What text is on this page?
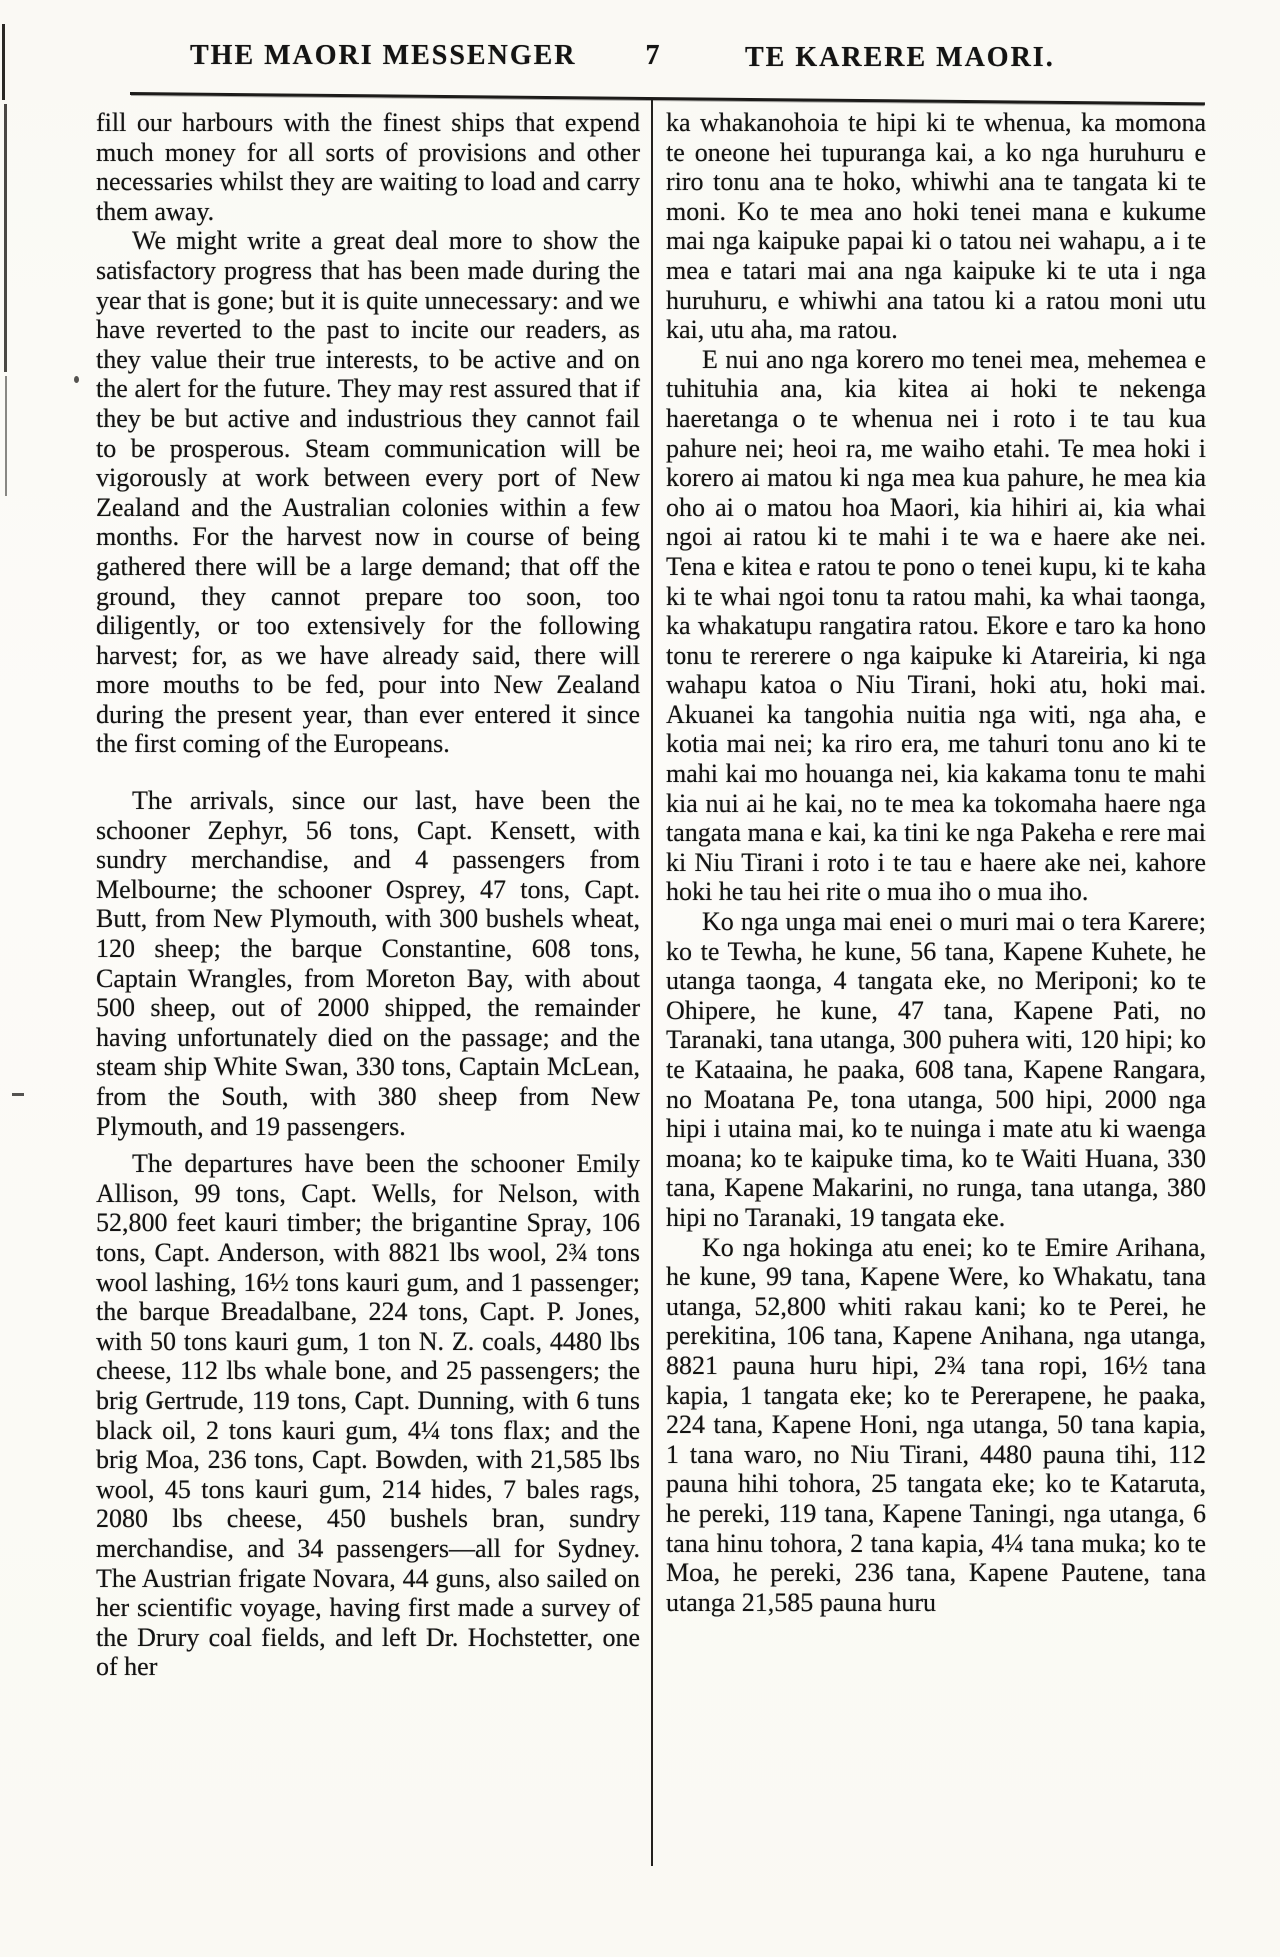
THE MAORI MESSENGER	7	TE KARERE MAORI.

fill our harbours with the finest ships that expend much money for all sorts of provisions and other necessaries whilst they are waiting to load and carry them away.

We might write a great deal more to show the satisfactory progress that has been made during the year that is gone; but it is quite unnecessary: and we have reverted to the past to incite our readers, as they value their true interests, to be active and on the alert for the future. They may rest assured that if they be but active and industrious they cannot fail to be prosperous. Steam communication will be vigorously at work between every port of New Zealand and the Australian colonies within a few months. For the harvest now in course of being gathered there will be a large demand; that off the ground, they cannot prepare too soon, too diligently, or too extensively for the following harvest; for, as we have already said, there will more mouths to be fed, pour into New Zealand during the present year, than ever entered it since the first coming of the Europeans.

The arrivals, since our last, have been the schooner Zephyr, 56 tons, Capt. Kensett, with sundry merchandise, and 4 passengers from Melbourne; the schooner Osprey, 47 tons, Capt. Butt, from New Plymouth, with 300 bushels wheat, 120 sheep; the barque Constantine, 608 tons, Captain Wrangles, from Moreton Bay, with about 500 sheep, out of 2000 shipped, the remainder having unfortunately died on the passage; and the steam ship White Swan, 330 tons, Captain McLean, from the South, with 380 sheep from New Plymouth, and 19 passengers.

The departures have been the schooner Emily Allison, 99 tons, Capt. Wells, for Nelson, with 52,800 feet kauri timber; the brigantine Spray, 106 tons, Capt. Anderson, with 8821 lbs wool, 2¾ tons wool lashing, 16½ tons kauri gum, and 1 passenger; the barque Breadalbane, 224 tons, Capt. P. Jones, with 50 tons kauri gum, 1 ton N. Z. coals, 4480 lbs cheese, 112 lbs whale bone, and 25 passengers; the brig Gertrude, 119 tons, Capt. Dunning, with 6 tuns black oil, 2 tons kauri gum, 4¼ tons flax; and the brig Moa, 236 tons, Capt. Bowden, with 21,585 lbs wool, 45 tons kauri gum, 214 hides, 7 bales rags, 2080 lbs cheese, 450 bushels bran, sundry merchandise, and 34 passengers—all for Sydney. The Austrian frigate Novara, 44 guns, also sailed on her scientific voyage, having first made a survey of the Drury coal fields, and left Dr. Hochstetter, one of her

ka whakanohoia te hipi ki te whenua, ka momona te oneone hei tupuranga kai, a ko nga huruhuru e riro tonu ana te hoko, whiwhi ana te tangata ki te moni. Ko te mea ano hoki tenei mana e kukume mai nga kaipuke papai ki o tatou nei wahapu, a i te mea e tatari mai ana nga kaipuke ki te uta i nga huruhuru, e whiwhi ana tatou ki a ratou moni utu kai, utu aha, ma ratou.

E nui ano nga korero mo tenei mea, mehemea e tuhituhia ana, kia kitea ai hoki te nekenga haeretanga o te whenua nei i roto i te tau kua pahure nei; heoi ra, me waiho etahi. Te mea hoki i korero ai matou ki nga mea kua pahure, he mea kia oho ai o matou hoa Maori, kia hihiri ai, kia whai ngoi ai ratou ki te mahi i te wa e haere ake nei. Tena e kitea e ratou te pono o tenei kupu, ki te kaha ki te whai ngoi tonu ta ratou mahi, ka whai taonga, ka whakatupu rangatira ratou. Ekore e taro ka hono tonu te rererere o nga kaipuke ki Atareiria, ki nga wahapu katoa o Niu Tirani, hoki atu, hoki mai. Akuanei ka tangohia nuitia nga witi, nga aha, e kotia mai nei; ka riro era, me tahuri tonu ano ki te mahi kai mo houanga nei, kia kakama tonu te mahi kia nui ai he kai, no te mea ka tokomaha haere nga tangata mana e kai, ka tini ke nga Pakeha e rere mai ki Niu Tirani i roto i te tau e haere ake nei, kahore hoki he tau hei rite o mua iho o mua iho.

Ko nga unga mai enei o muri mai o tera Karere; ko te Tewha, he kune, 56 tana, Kapene Kuhete, he utanga taonga, 4 tangata eke, no Meriponi; ko te Ohipere, he kune, 47 tana, Kapene Pati, no Taranaki, tana utanga, 300 puhera witi, 120 hipi; ko te Kataaina, he paaka, 608 tana, Kapene Rangara, no Moatana Pe, tona utanga, 500 hipi, 2000 nga hipi i utaina mai, ko te nuinga i mate atu ki waenga moana; ko te kaipuke tima, ko te Waiti Huana, 330 tana, Kapene Makarini, no runga, tana utanga, 380 hipi no Taranaki, 19 tangata eke.

Ko nga hokinga atu enei; ko te Emire Arihana, he kune, 99 tana, Kapene Were, ko Whakatu, tana utanga, 52,800 whiti rakau kani; ko te Perei, he perekitina, 106 tana, Kapene Anihana, nga utanga, 8821 pauna huru hipi, 2¾ tana ropi, 16½ tana kapia, 1 tangata eke; ko te Pererapene, he paaka, 224 tana, Kapene Honi, nga utanga, 50 tana kapia, 1 tana waro, no Niu Tirani, 4480 pauna tihi, 112 pauna hihi tohora, 25 tangata eke; ko te Kataruta, he pereki, 119 tana, Kapene Taningi, nga utanga, 6 tana hinu tohora, 2 tana kapia, 4¼ tana muka; ko te Moa, he pereki, 236 tana, Kapene Pautene, tana utanga 21,585 pauna huru
